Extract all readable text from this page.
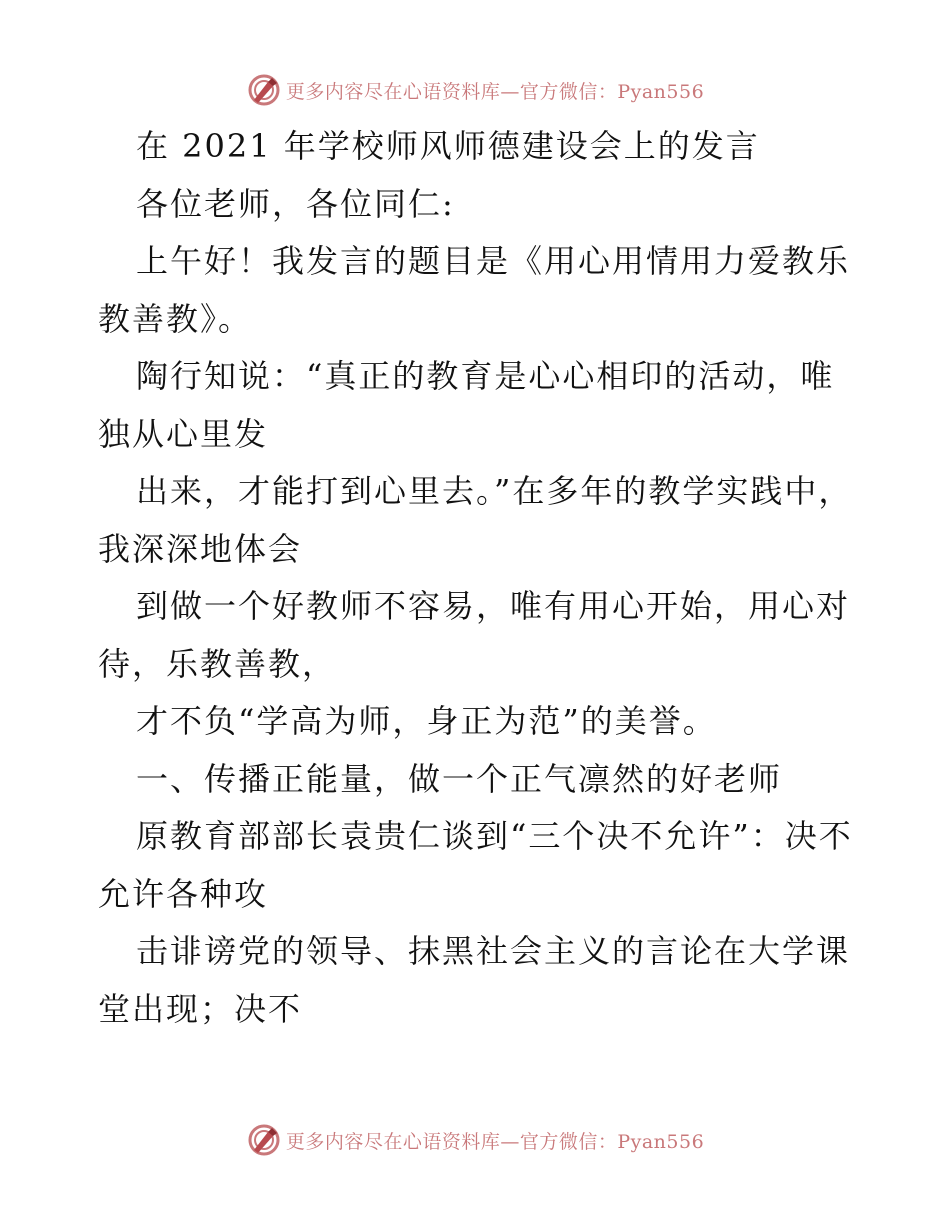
更多内容尽在心语资料库—官方微信：Pyan556

在 2021 年学校师风师德建设会上的发言

各位老师，各位同仁:

上午好！我发言的题目是《用心用情用力爱教乐教善教》。

陶行知说：“真正的教育是心心相印的活动，唯独从心里发

出来，才能打到心里去。”在多年的教学实践中，我深深地体会

到做一个好教师不容易，唯有用心开始，用心对待，乐教善教，

才不负“学高为师，身正为范”的美誉。

一、传播正能量，做一个正气凛然的好老师

原教育部部长袁贵仁谈到“三个决不允许”：决不允许各种攻

击诽谤党的领导、抹黑社会主义的言论在大学课堂出现；决不

更多内容尽在心语资料库—官方微信：Pyan556
